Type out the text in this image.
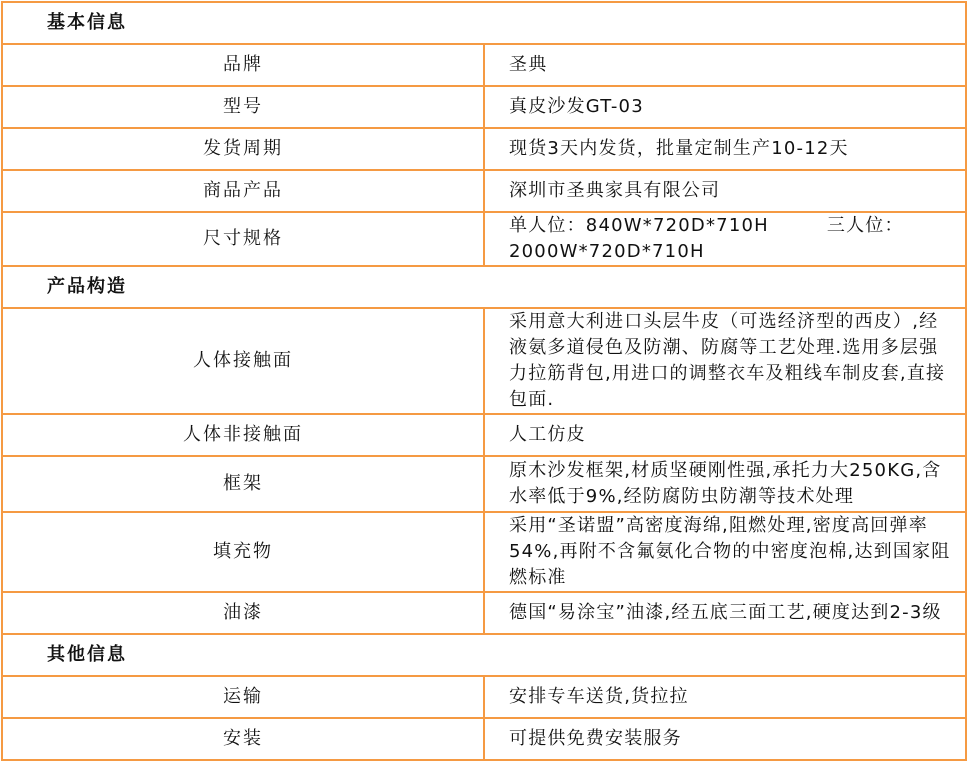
基本信息	
品牌	圣典
型号	真皮沙发GT-03
发货周期	现货3天内发货，批量定制生产10-12天
商品产品	深圳市圣典家具有限公司
尺寸规格	单人位：840W*720D*710H 三人位：2000W*720D*710H
产品构造	
人体接触面	采用意大利进口头层牛皮（可选经济型的西皮）,经液氨多道侵色及防潮、防腐等工艺处理.选用多层强力拉筋背包,用进口的调整衣车及粗线车制皮套,直接包面.
人体非接触面	人工仿皮
框架	原木沙发框架,材质坚硬刚性强,承托力大250KG,含水率低于9%,经防腐防虫防潮等技术处理
填充物	采用“圣诺盟”高密度海绵,阻燃处理,密度高回弹率54%,再附不含氟氨化合物的中密度泡棉,达到国家阻燃标准
油漆	德国“易涂宝”油漆,经五底三面工艺,硬度达到2-3级
其他信息	
运输	安排专车送货,货拉拉
安装	可提供免费安装服务
